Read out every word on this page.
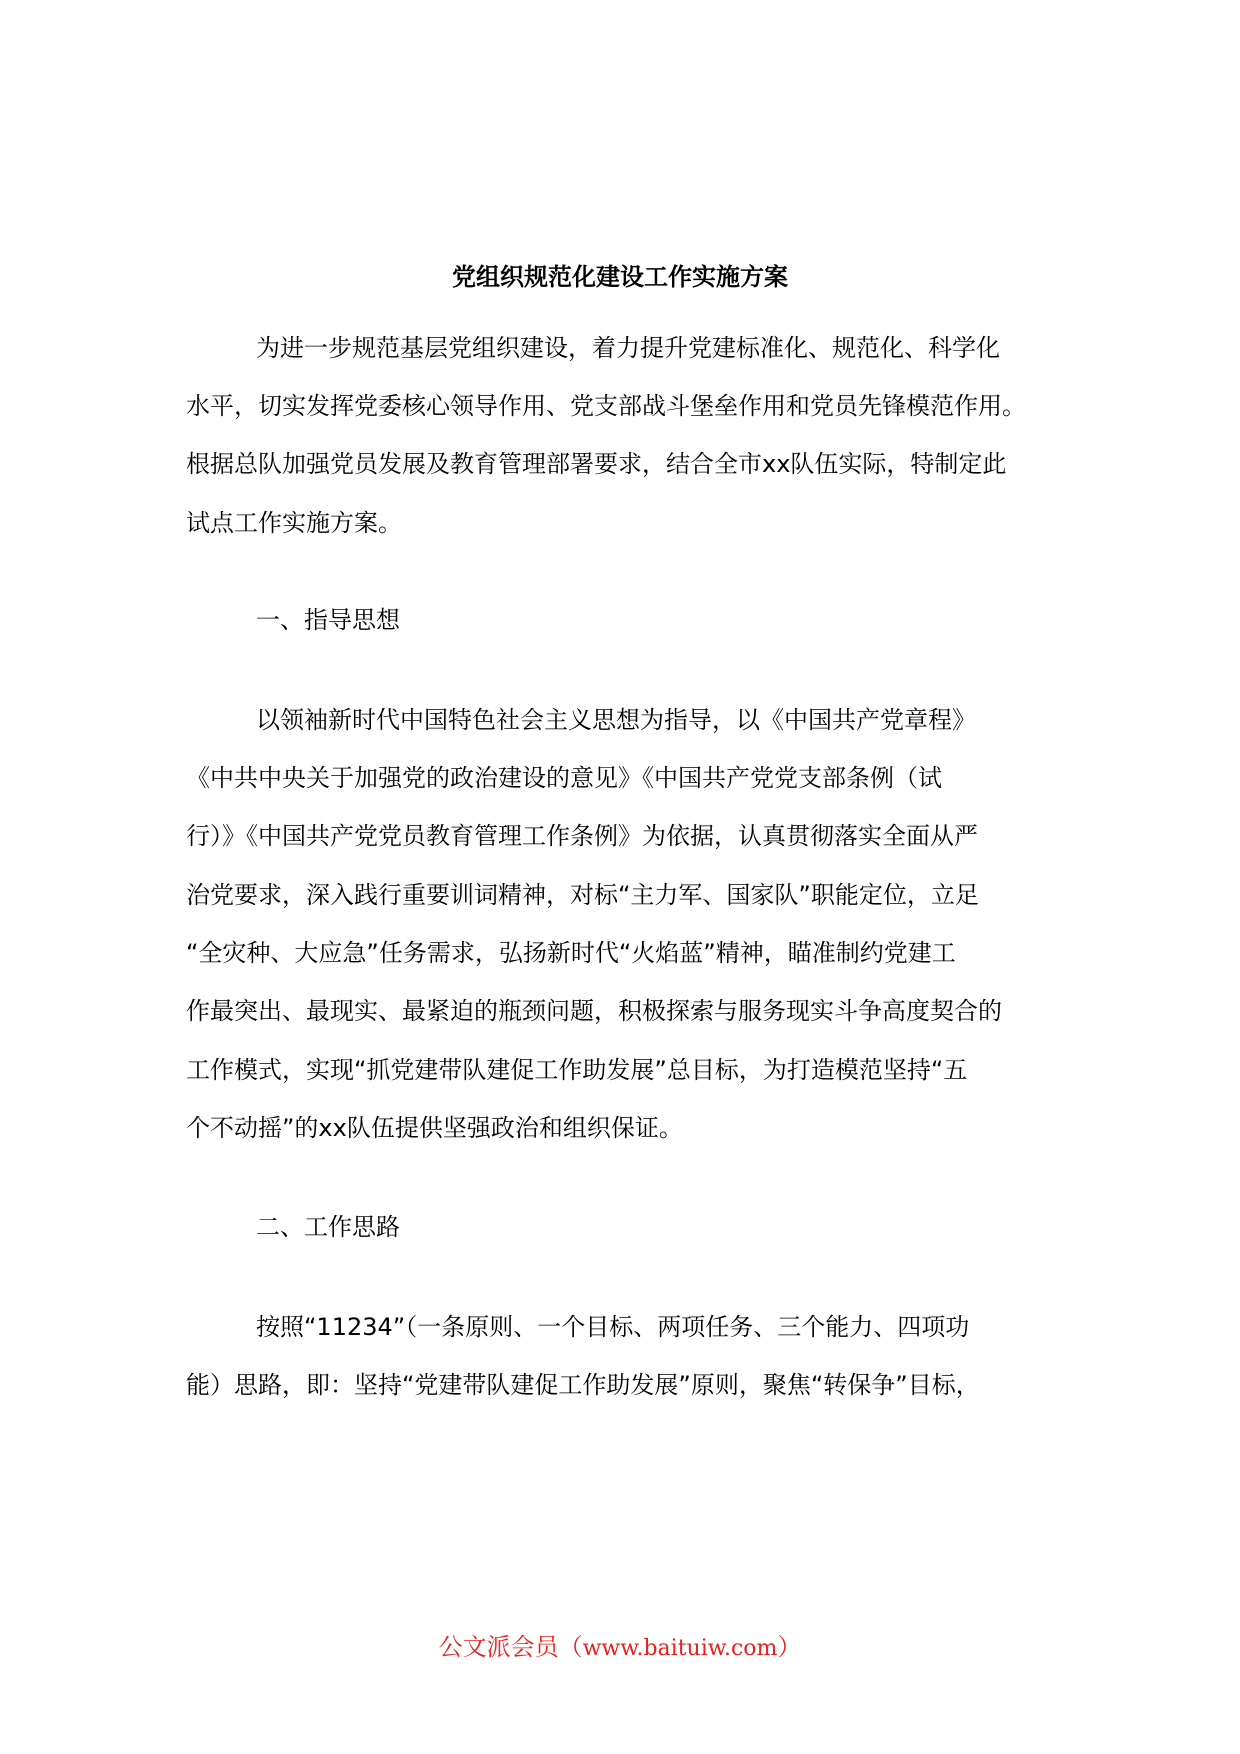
党组织规范化建设工作实施方案
为进一步规范基层党组织建设，着力提升党建标准化、规范化、科学化
水平，切实发挥党委核心领导作用、党支部战斗堡垒作用和党员先锋模范作用。
根据总队加强党员发展及教育管理部署要求，结合全市xx队伍实际，特制定此
试点工作实施方案。
一、指导思想
以领袖新时代中国特色社会主义思想为指导，以《中国共产党章程》
《中共中央关于加强党的政治建设的意见》《中国共产党党支部条例（试
行）》《中国共产党党员教育管理工作条例》为依据，认真贯彻落实全面从严
治党要求，深入践行重要训词精神，对标“主力军、国家队”职能定位，立足
“全灾种、大应急”任务需求，弘扬新时代“火焰蓝”精神，瞄准制约党建工
作最突出、最现实、最紧迫的瓶颈问题，积极探索与服务现实斗争高度契合的
工作模式，实现“抓党建带队建促工作助发展”总目标，为打造模范坚持“五
个不动摇”的xx队伍提供坚强政治和组织保证。
二、工作思路
按照“11234”（一条原则、一个目标、两项任务、三个能力、四项功
能）思路，即：坚持“党建带队建促工作助发展”原则，聚焦“转保争”目标，
公文派会员（www.baituiw.com）
